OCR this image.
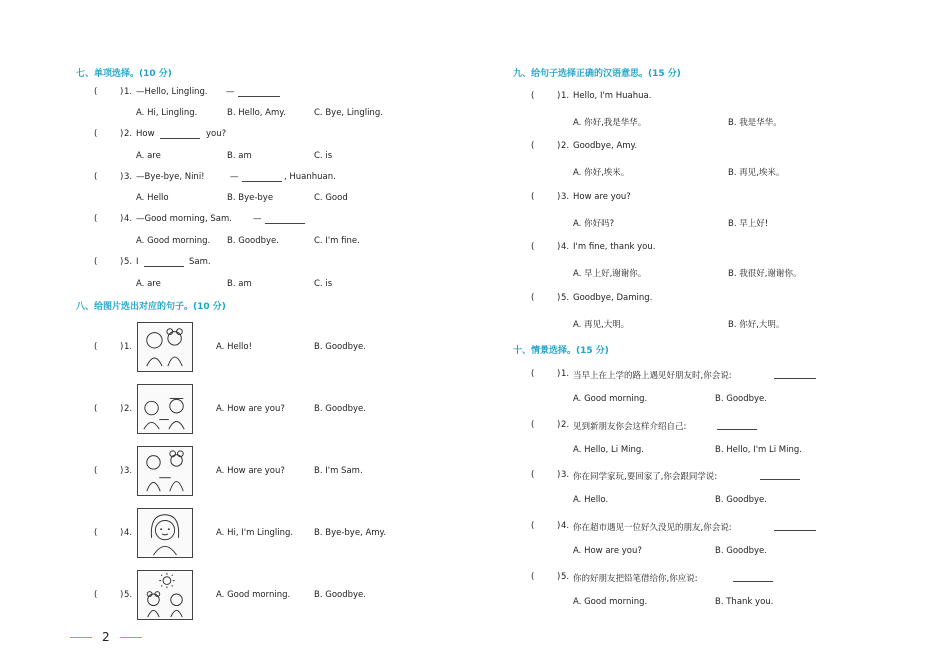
七、单项选择。(10 分)
(	) 1. —Hello, Lingling. —
A. Hi, Lingling.	B. Hello, Amy.	C. Bye, Lingling.
(	) 2. How	you?
A. are	B. am	C. is
(	) 3. —Bye-bye, Nini!	—	, Huanhuan.
A. Hello	B. Bye-bye	C. Good
(	) 4. —Good morning, Sam. —
A. Good morning. B. Goodbye.	C. I'm fine.
(	) 5. I	Sam.
A. are	B. am	C. is
八、给图片选出对应的句子。(10 分)
(	) 1.	A. Hello!	B. Goodbye.
(	) 2.	A. How are you?	B. Goodbye.
(	) 3.	A. How are you?	B. I'm Sam.
(	) 4.	A. Hi, I'm Lingling. B. Bye-bye, Amy.
(	) 5.	A. Good morning.	B. Goodbye.
九、给句子选择正确的汉语意思。(15 分)
(	) 1. Hello, I'm Huahua.
A. 你好,我是华华。	B. 我是华华。
(	) 2. Goodbye, Amy.
A. 你好,埃米。	B. 再见,埃米。
(	) 3. How are you?
A. 你好吗?	B. 早上好!
(	) 4. I'm fine, thank you.
A. 早上好,谢谢你。	B. 我很好,谢谢你。
(	) 5. Goodbye, Daming.
A. 再见,大明。	B. 你好,大明。
十、情景选择。(15 分)
(	) 1. 当早上在上学的路上遇见好朋友时,你会说:
A. Good morning.	B. Goodbye.
(	) 2. 见到新朋友你会这样介绍自己:
A. Hello, Li Ming.	B. Hello, I'm Li Ming.
(	) 3. 你在同学家玩,要回家了,你会跟同学说:
A. Hello.	B. Goodbye.
(	) 4. 你在超市遇见一位好久没见的朋友,你会说:
A. How are you?	B. Goodbye.
(	) 5. 你的好朋友把铅笔借给你,你应说:
A. Good morning.	B. Thank you.
2
